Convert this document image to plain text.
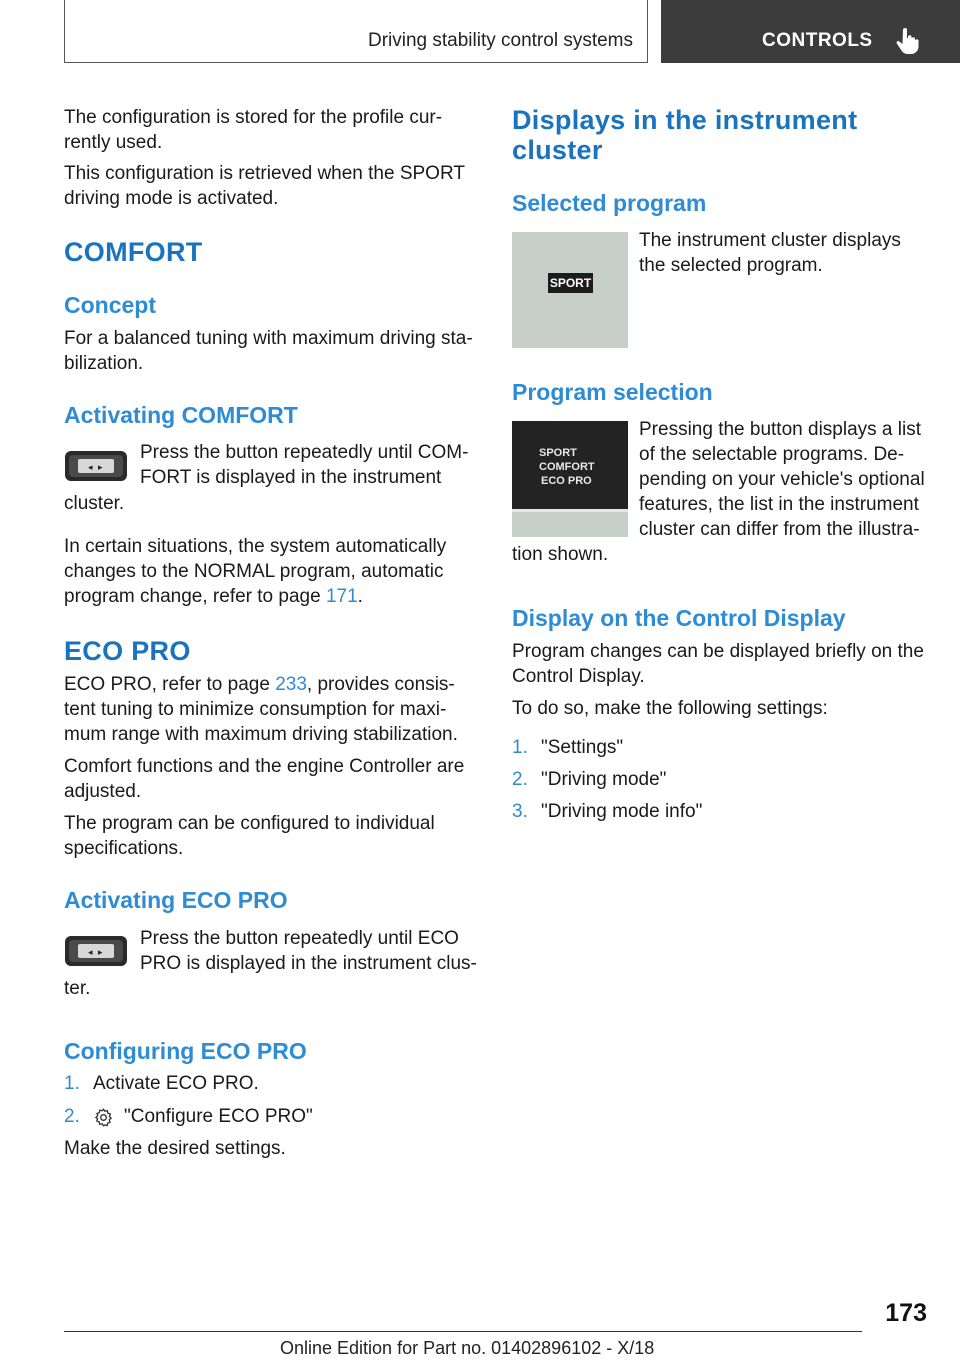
Driving stability control systems	CONTROLS
The configuration is stored for the profile cur-
rently used.
This configuration is retrieved when the SPORT
driving mode is activated.
COMFORT
Concept
For a balanced tuning with maximum driving sta-
bilization.
Activating COMFORT
◂ ▸
Press the button repeatedly until COM-
FORT is displayed in the instrument
cluster.
In certain situations, the system automatically
changes to the NORMAL program, automatic
program change, refer to page 171.
ECO PRO
ECO PRO, refer to page 233, provides consis-
tent tuning to minimize consumption for maxi-
mum range with maximum driving stabilization.
Comfort functions and the engine Controller are
adjusted.
The program can be configured to individual
specifications.
Activating ECO PRO
◂ ▸
Press the button repeatedly until ECO
PRO is displayed in the instrument clus-
ter.
Configuring ECO PRO
1. Activate ECO PRO.
2. "Configure ECO PRO"
Make the desired settings.
Displays in the instrument
cluster
Selected program
SPORT
The instrument cluster displays
the selected program.
Program selection
SPORT
COMFORT
ECO PRO
Pressing the button displays a list
of the selectable programs. De-
pending on your vehicle's optional
features, the list in the instrument
cluster can differ from the illustra-
tion shown.
Display on the Control Display
Program changes can be displayed briefly on the
Control Display.
To do so, make the following settings:
1. "Settings"
2. "Driving mode"
3. "Driving mode info"
173
Online Edition for Part no. 01402896102 - X/18
